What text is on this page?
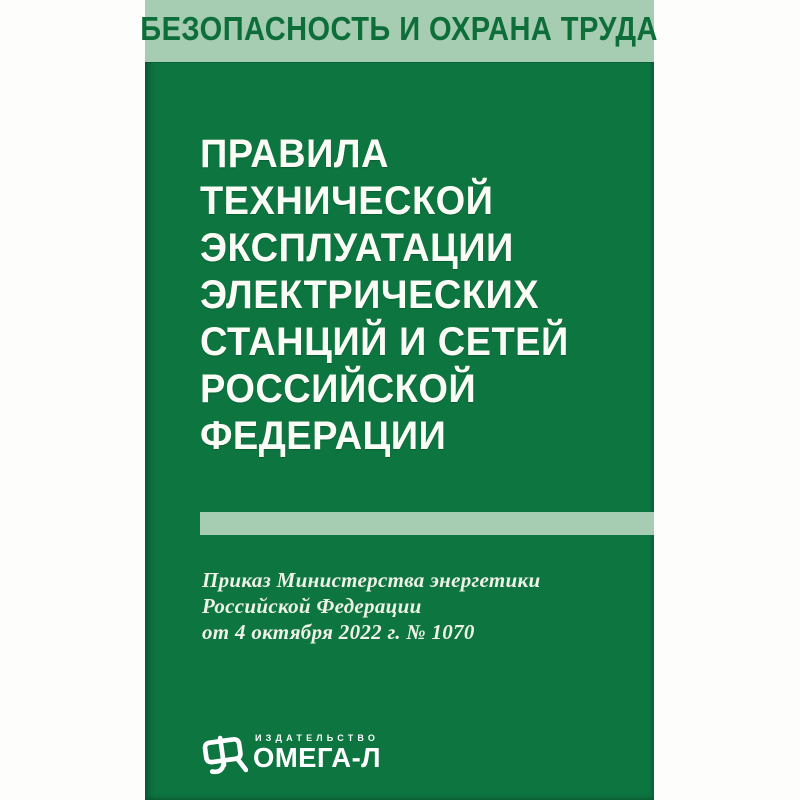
БЕЗОПАСНОСТЬ И ОХРАНА ТРУДА
ПРАВИЛА
ТЕХНИЧЕСКОЙ
ЭКСПЛУАТАЦИИ
ЭЛЕКТРИЧЕСКИХ
СТАНЦИЙ И СЕТЕЙ
РОССИЙСКОЙ
ФЕДЕРАЦИИ
Приказ Министерства энергетики
Российской Федерации
от 4 октября 2022 г. № 1070
ИЗДАТЕЛЬСТВО
ОМЕГА-Л
